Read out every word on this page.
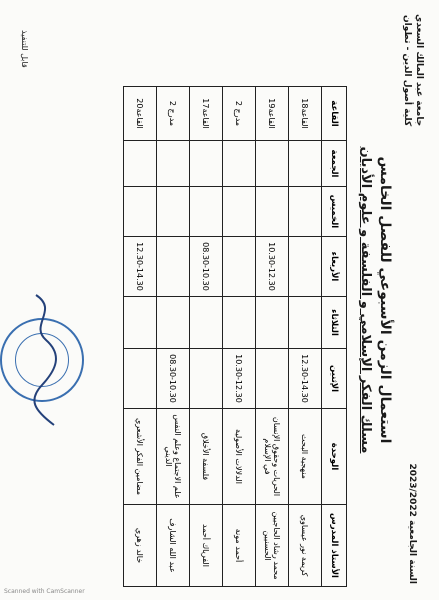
جامعة عبد المالك السعدي
كلية أصول الدين - تطوان
السنة الجامعية 2023/2022
استعمال الزمن الأسبوعي للفصل الخامس
مسلك الفكر الإسلامي و الفلسفة و علوم الأديان
الأستاذ المدرس	الوحدة	الإثنين	الثلاثاء	الأربعاء	الخميس	الجمعة	القاعة
كريمة نور عيساوي	منهجية البحث	12.30-14.30					القاعة18
محمد رشاد الحاجيين الحسنيين	الحريات وحقوق الإنسان في الإسلام			10.30-12.30			القاعة19
أحمد مونة	الدلالات الأصولية	10.30-12.30					مدرج 2
الفرياك أحمد	فلسفة الأخلاق			08.30-10.30			القاعة17
عبد الله الشارف	علم الاجتماع وعلم النفس الديني	08.30-10.30					مدرج 2
خالد زهري	مضامين الفكر الأشعري			12.30-14.30			القاعة20
قابل للتنفيذ
Scanned with CamScanner
